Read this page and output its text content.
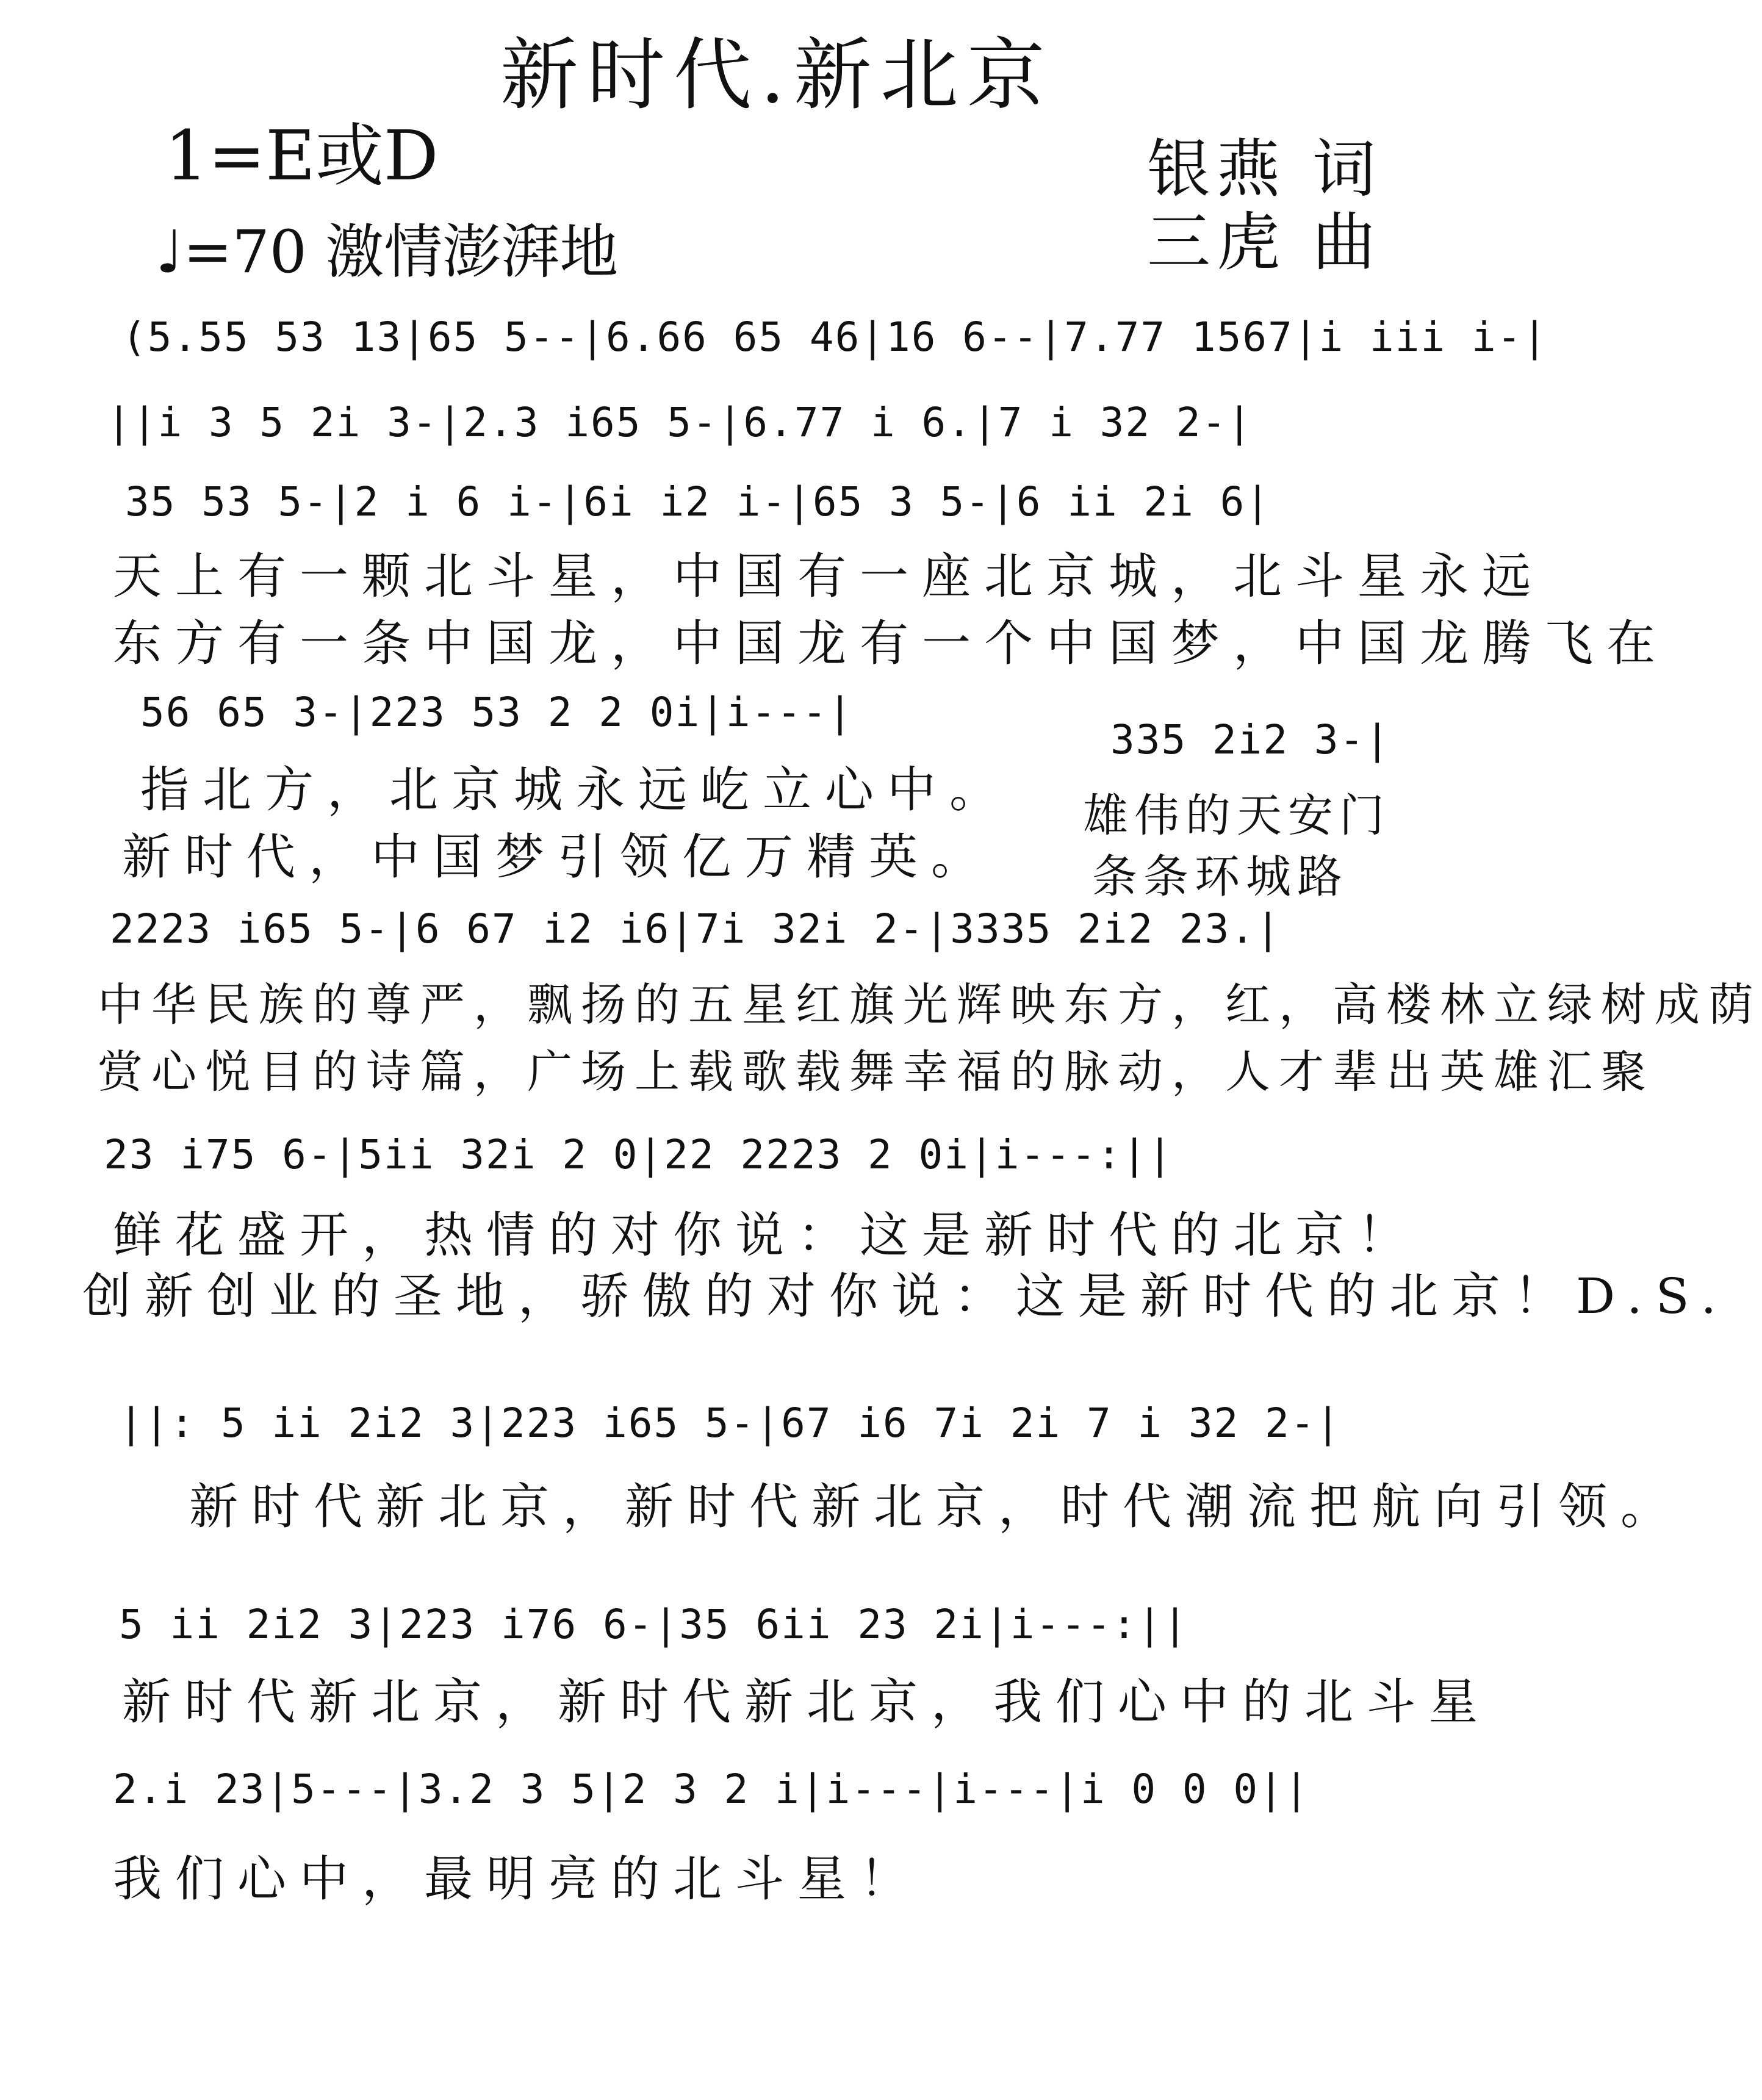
新时代.新北京
1=E或D
♩=70 激情澎湃地
银燕 词
三虎 曲
(5.55 53 13|65 5--|6.66 65 46|16 6--|7.77 1567|i iii i-|
||i 3 5 2i 3-|2.3 i65 5-|6.77 i 6.|7 i 32 2-|
35 53 5-|2 i 6 i-|6i i2 i-|65 3 5-|6 ii 2i 6|
天上有一颗北斗星，中国有一座北京城，北斗星永远
东方有一条中国龙，中国龙有一个中国梦，中国龙腾飞在
56 65 3-|223 53 2 2 0i|i---|
指北方，北京城永远屹立心中。
新时代，中国梦引领亿万精英。
335 2i2 3-|
雄伟的天安门
条条环城路
2223 i65 5-|6 67 i2 i6|7i 32i 2-|3335 2i2 23.|
中华民族的尊严，飘扬的五星红旗光辉映东方，红，高楼林立绿树成荫
赏心悦目的诗篇，广场上载歌载舞幸福的脉动，人才辈出英雄汇聚
23 i75 6-|5ii 32i 2 0|22 2223 2 0i|i---:||
鲜花盛开，热情的对你说：这是新时代的北京！
创新创业的圣地，骄傲的对你说：这是新时代的北京！D.S.
||: 5 ii 2i2 3|223 i65 5-|67 i6 7i 2i 7 i 32 2-|
新时代新北京，新时代新北京，时代潮流把航向引领。
5 ii 2i2 3|223 i76 6-|35 6ii 23 2i|i---:||
新时代新北京，新时代新北京，我们心中的北斗星
2.i 23|5---|3.2 3 5|2 3 2 i|i---|i---|i 0 0 0||
我们心中，最明亮的北斗星！
